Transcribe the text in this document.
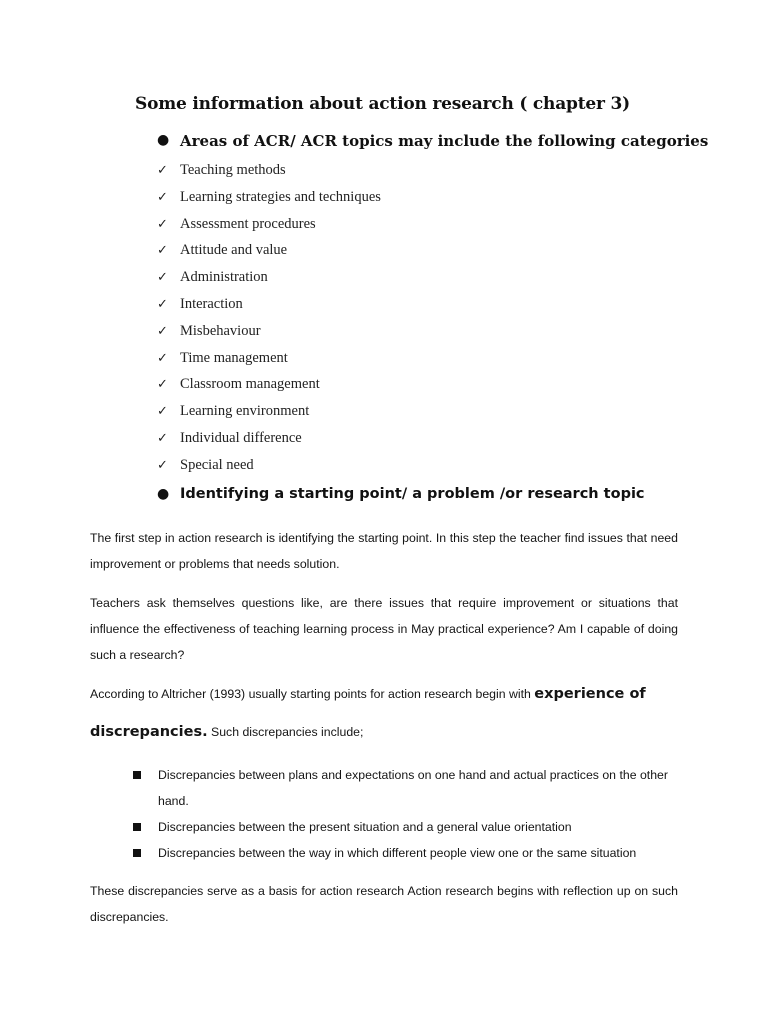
Some information about action research ( chapter 3)
● Areas of ACR/ ACR topics may include the following categories
✓ Teaching methods
✓ Learning strategies and techniques
✓ Assessment procedures
✓ Attitude and value
✓ Administration
✓ Interaction
✓ Misbehaviour
✓ Time management
✓ Classroom management
✓ Learning environment
✓ Individual difference
✓ Special need
● Identifying a starting point/ a problem /or research topic

The first step in action research is identifying the starting point. In this step the teacher find issues that need improvement or problems that needs solution.

Teachers ask themselves questions like, are there issues that require improvement or situations that influence the effectiveness of teaching learning process in May practical experience? Am I capable of doing such a research?

According to Altricher (1993) usually starting points for action research begin with experience of
discrepancies. Such discrepancies include;

Discrepancies between plans and expectations on one hand and actual practices on the other hand.
Discrepancies between the present situation and a general value orientation
Discrepancies between the way in which different people view one or the same situation

These discrepancies serve as a basis for action research Action research begins with reflection up on such discrepancies.
